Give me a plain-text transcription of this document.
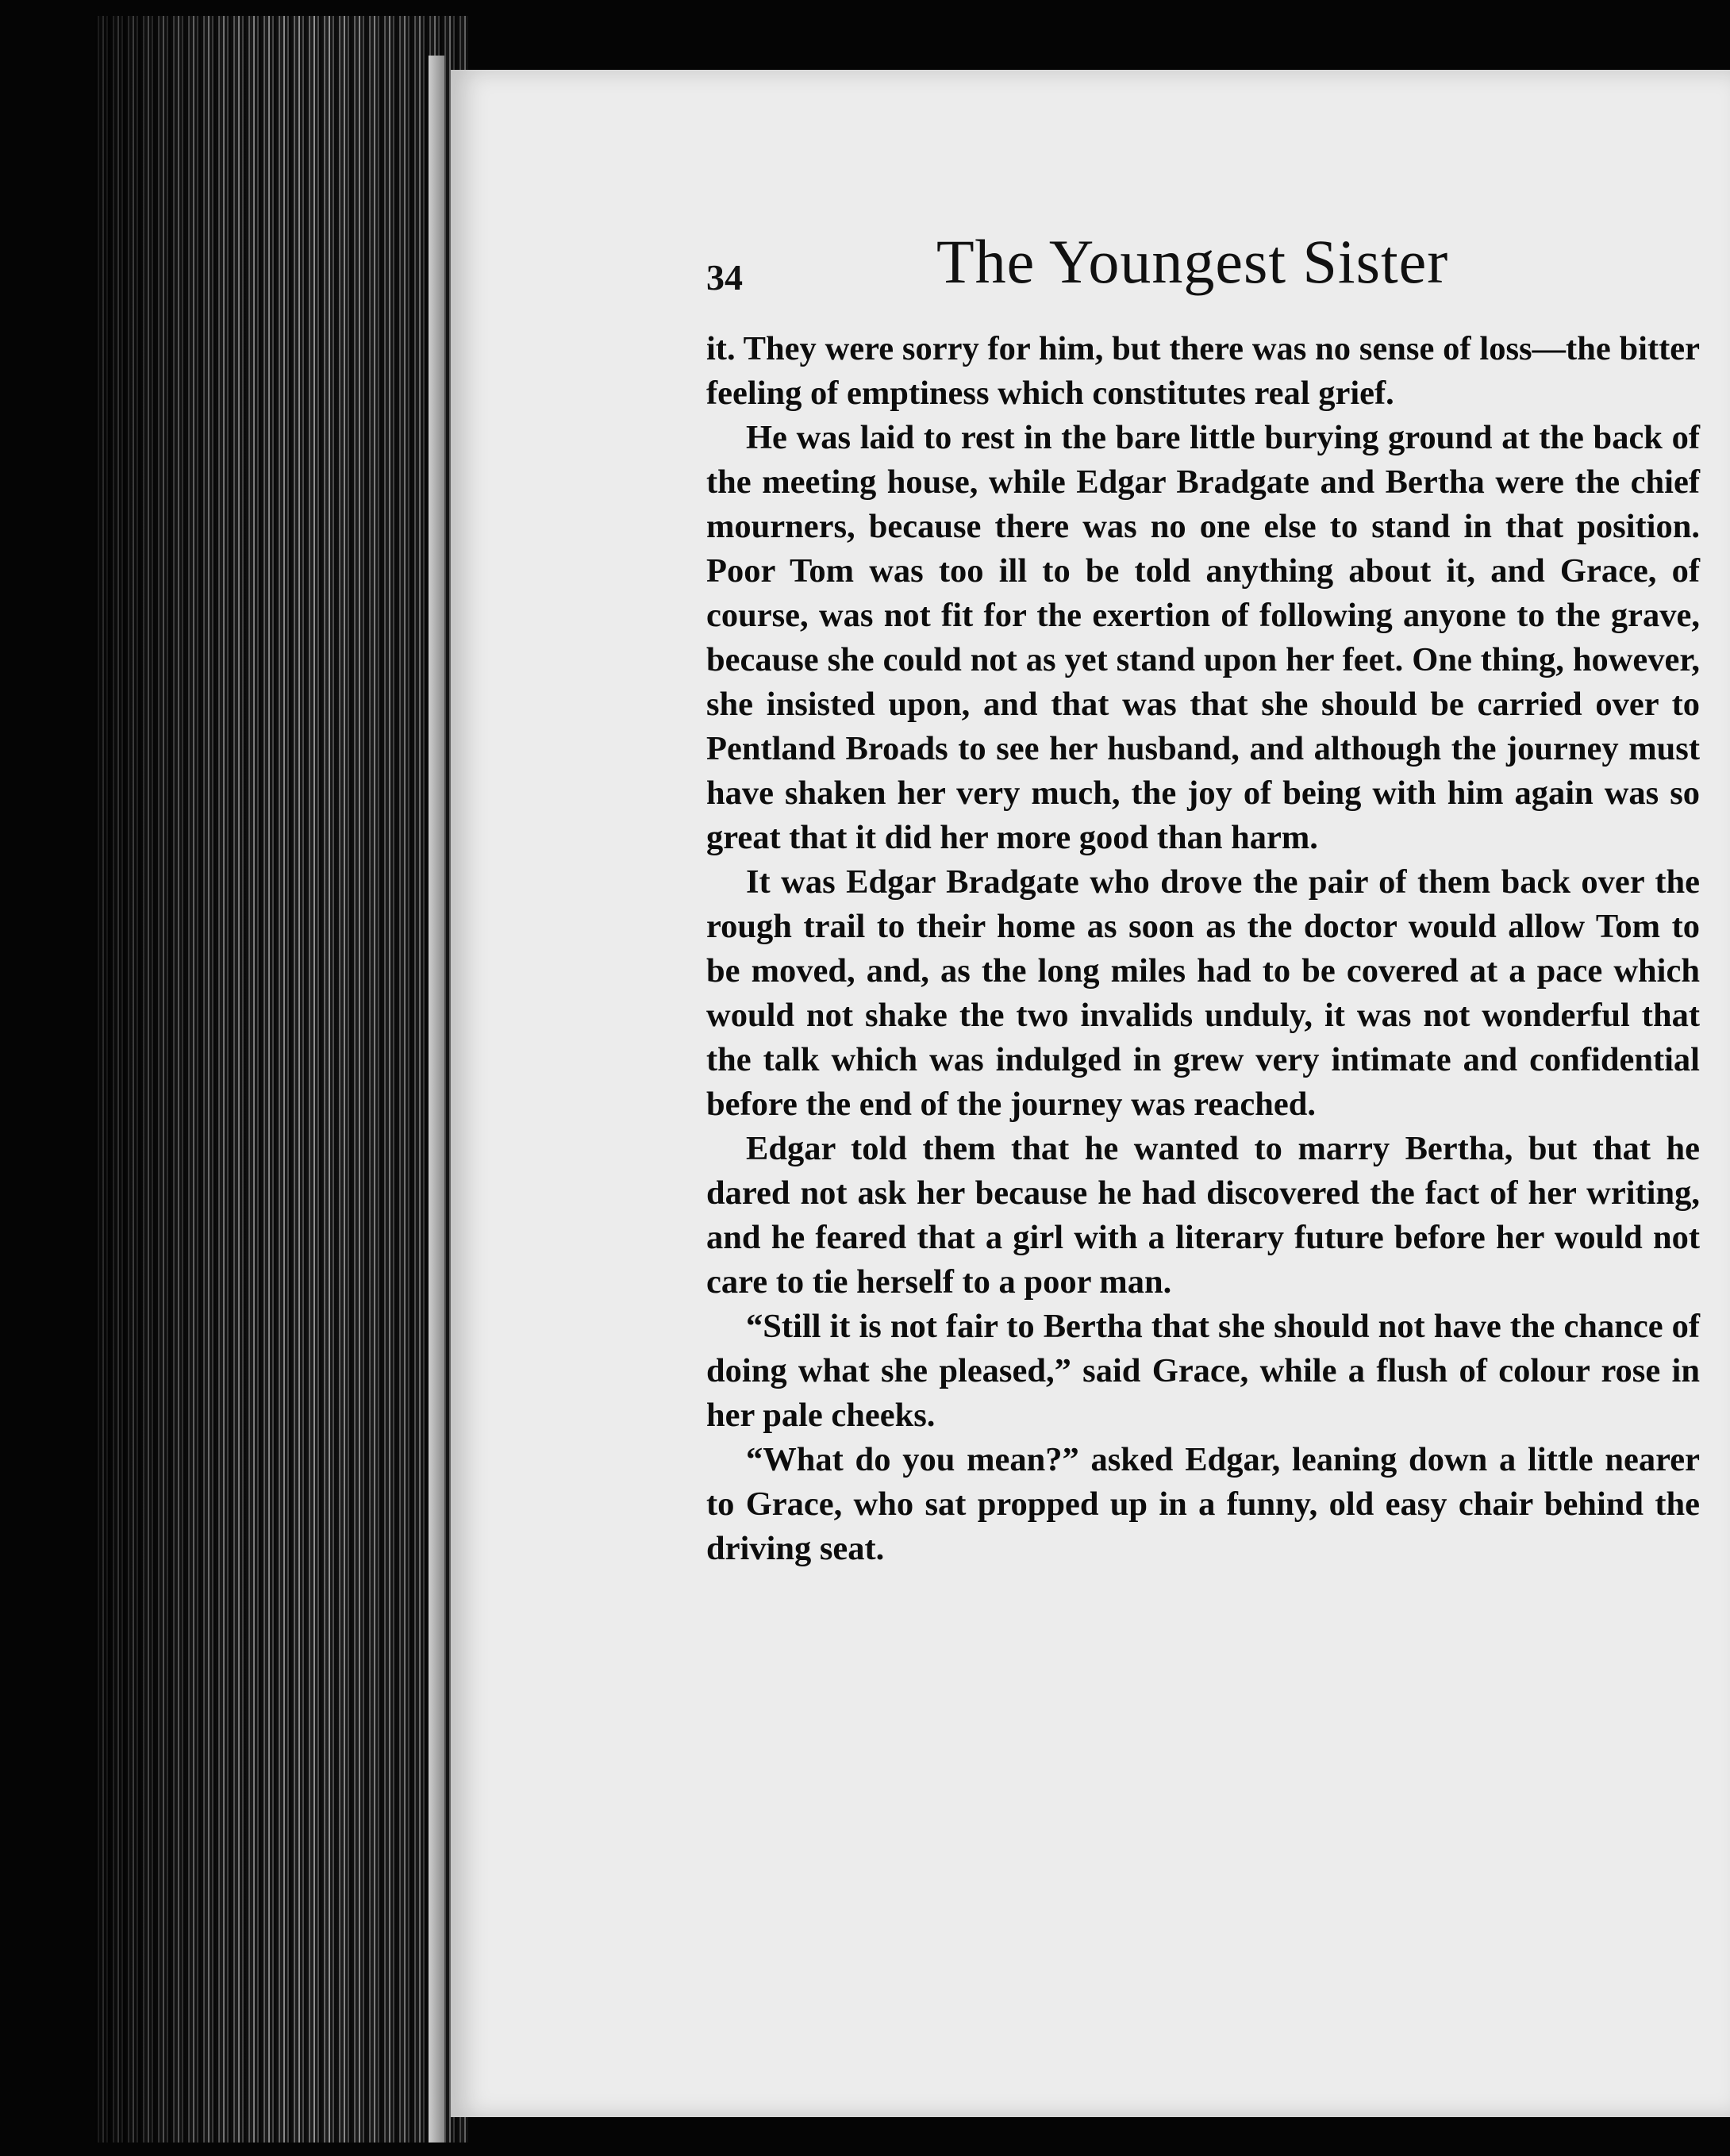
34	The Youngest Sister

it. They were sorry for him, but there was no sense of loss—the bitter feeling of emptiness which constitutes real grief.

He was laid to rest in the bare little burying ground at the back of the meeting house, while Edgar Bradgate and Bertha were the chief mourners, because there was no one else to stand in that position. Poor Tom was too ill to be told anything about it, and Grace, of course, was not fit for the exertion of following anyone to the grave, because she could not as yet stand upon her feet. One thing, however, she insisted upon, and that was that she should be carried over to Pentland Broads to see her husband, and although the journey must have shaken her very much, the joy of being with him again was so great that it did her more good than harm.

It was Edgar Bradgate who drove the pair of them back over the rough trail to their home as soon as the doctor would allow Tom to be moved, and, as the long miles had to be covered at a pace which would not shake the two invalids unduly, it was not wonderful that the talk which was indulged in grew very intimate and confidential before the end of the journey was reached.

Edgar told them that he wanted to marry Bertha, but that he dared not ask her because he had discovered the fact of her writing, and he feared that a girl with a literary future before her would not care to tie herself to a poor man.

“Still it is not fair to Bertha that she should not have the chance of doing what she pleased,” said Grace, while a flush of colour rose in her pale cheeks.

“What do you mean?” asked Edgar, leaning down a little nearer to Grace, who sat propped up in a funny, old easy chair behind the driving seat.
